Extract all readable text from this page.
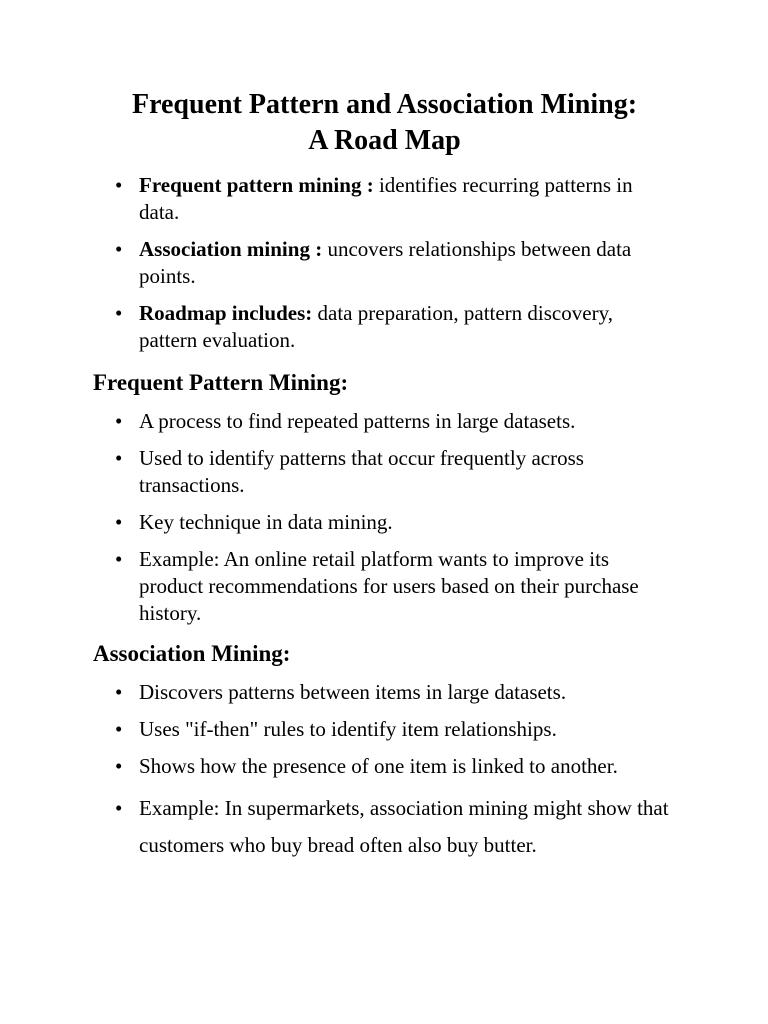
Frequent Pattern and Association Mining:
A Road Map
• Frequent pattern mining : identifies recurring patterns in data.
• Association mining : uncovers relationships between data points.
• Roadmap includes: data preparation, pattern discovery, pattern evaluation.
Frequent Pattern Mining:
• A process to find repeated patterns in large datasets.
• Used to identify patterns that occur frequently across transactions.
• Key technique in data mining.
• Example: An online retail platform wants to improve its product recommendations for users based on their purchase history.
Association Mining:
• Discovers patterns between items in large datasets.
• Uses "if-then" rules to identify item relationships.
• Shows how the presence of one item is linked to another.
• Example: In supermarkets, association mining might show that customers who buy bread often also buy butter.
